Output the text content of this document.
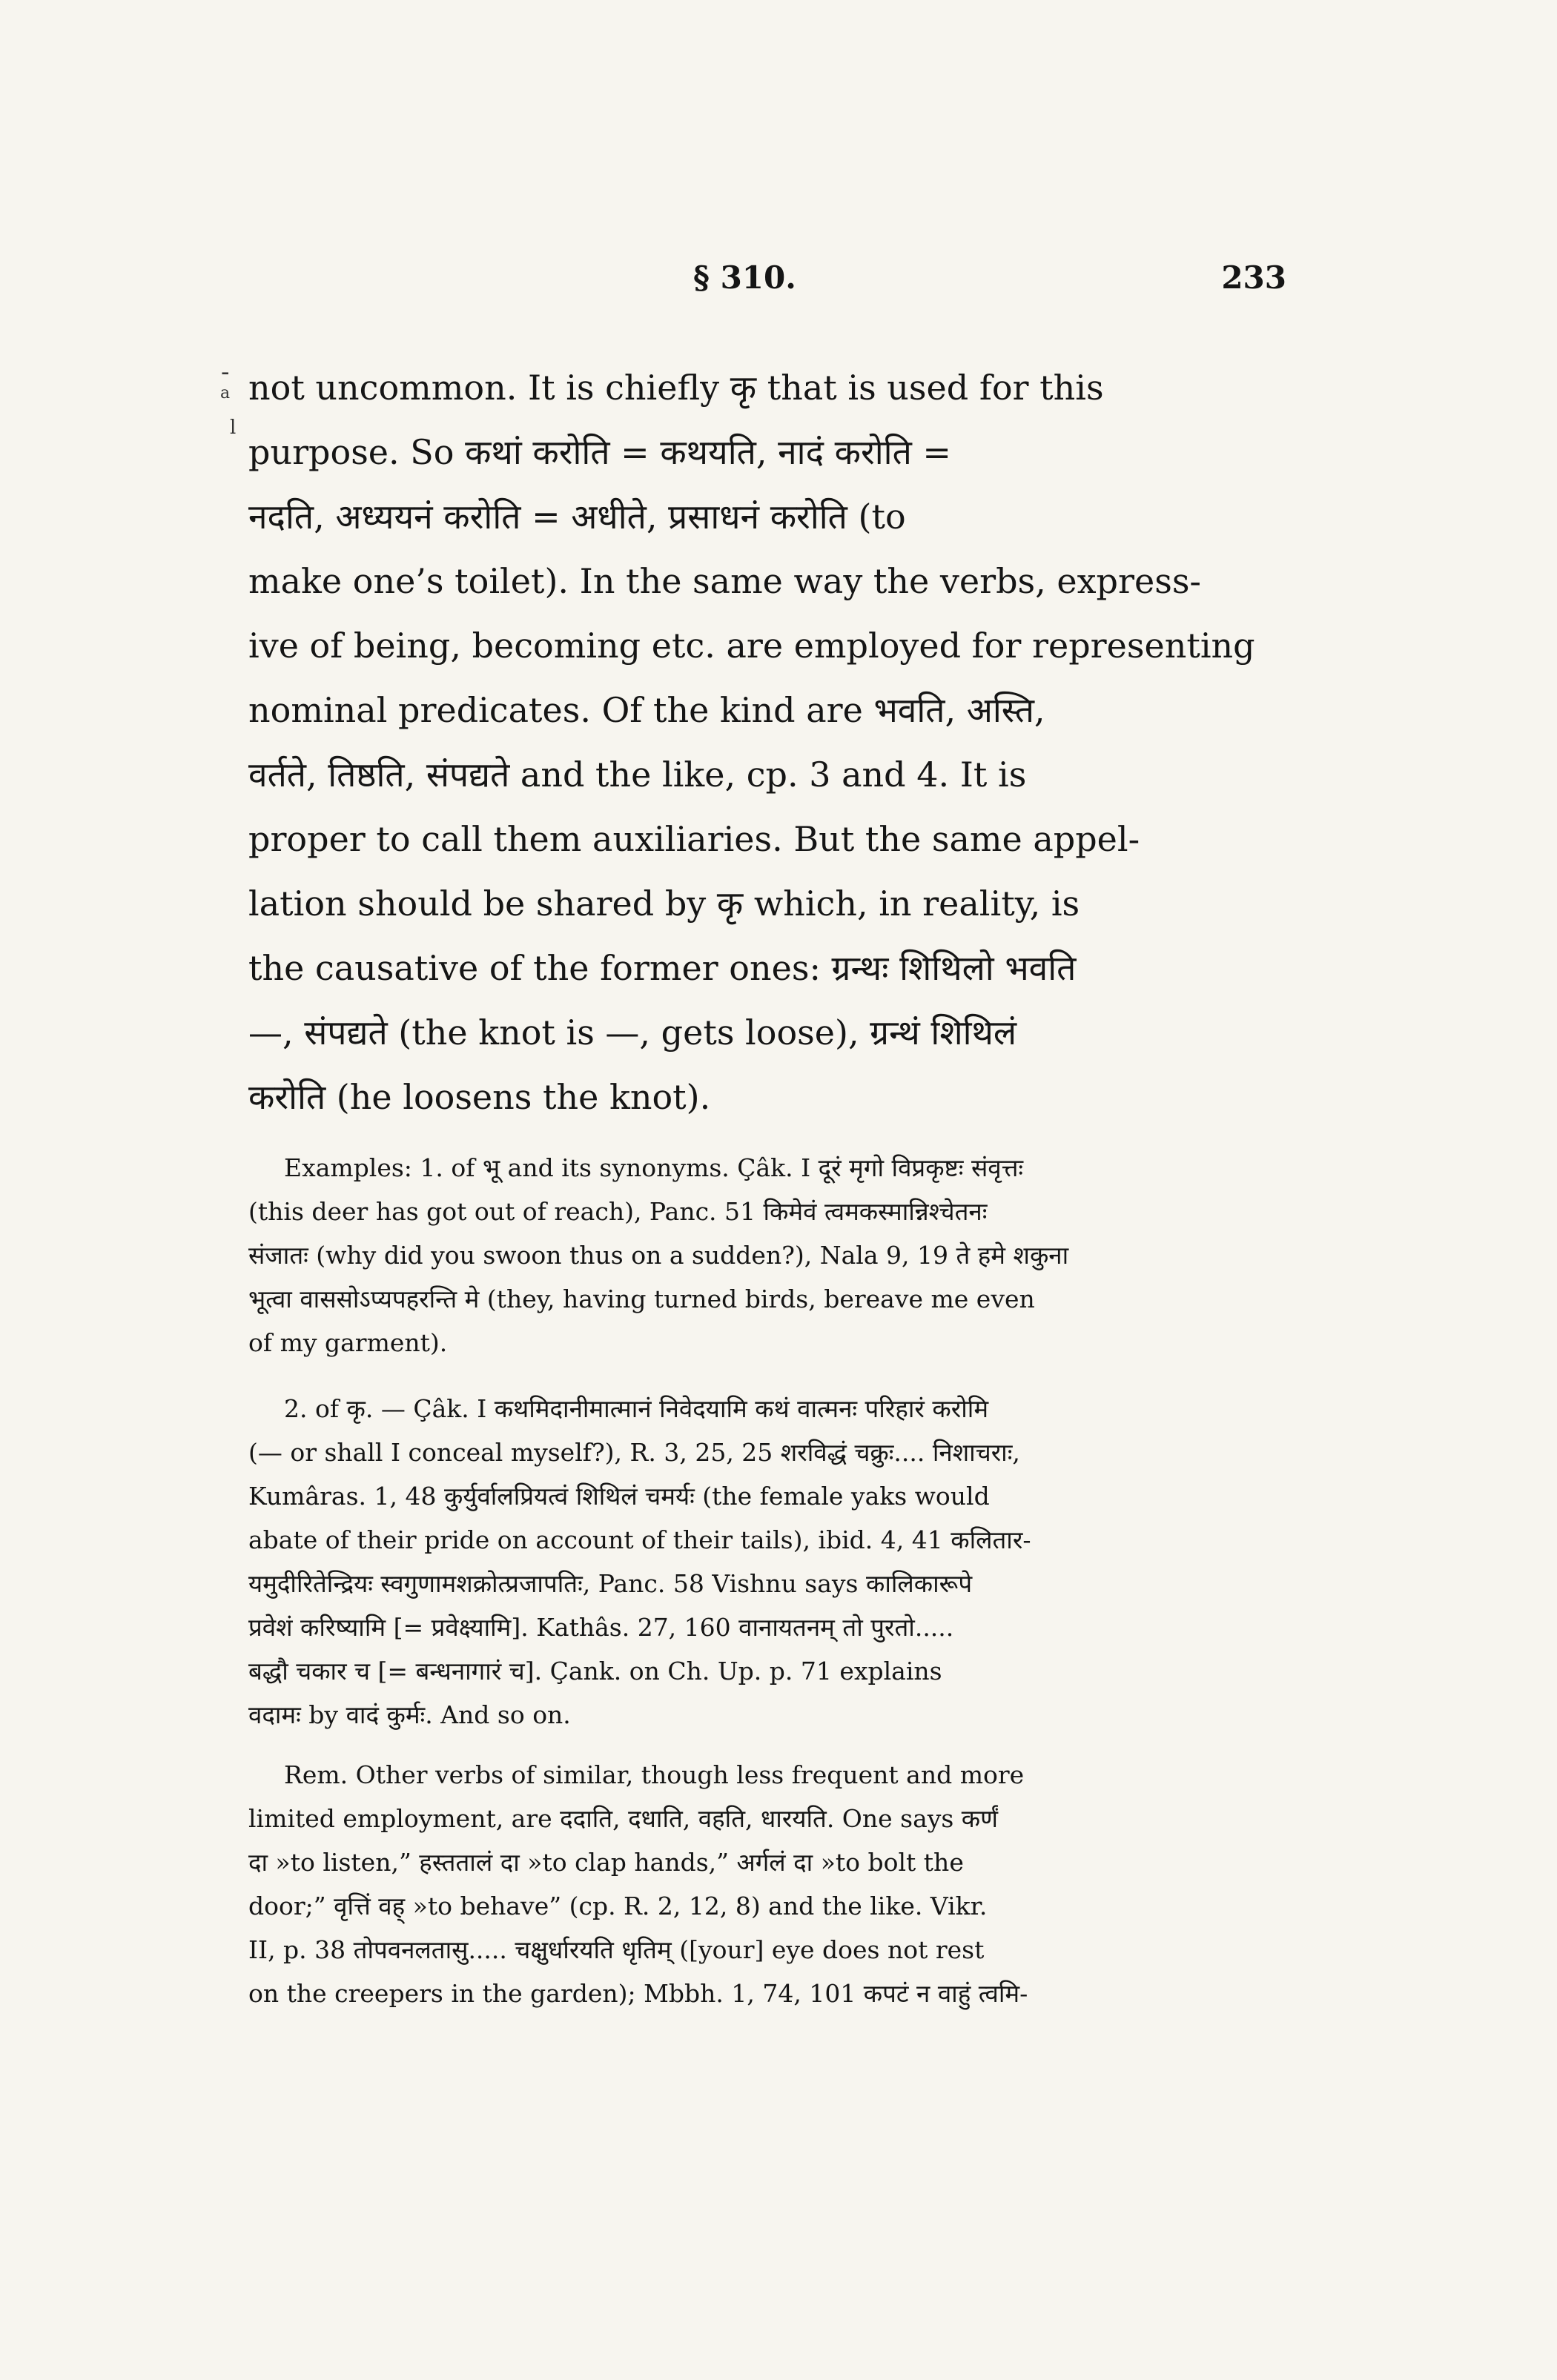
§ 310.	233
-
a
l
not uncommon. It is chiefly कृ that is used for this
purpose. So कथां करोति = कथयति, नादं करोति =
नदति, अध्ययनं करोति = अधीते, प्रसाधनं करोति (to
make one’s toilet). In the same way the verbs, express-
ive of being, becoming etc. are employed for representing
nominal predicates. Of the kind are भवति, अस्ति,
वर्तते, तिष्ठति, संपद्यते and the like, cp. 3 and 4. It is
proper to call them auxiliaries. But the same appel-
lation should be shared by कृ which, in reality, is
the causative of the former ones: ग्रन्थः शिथिलो भवति
—, संपद्यते (the knot is —, gets loose), ग्रन्थं शिथिलं
करोति (he loosens the knot).
Examples: 1. of भू and its synonyms. Çâk. I दूरं मृगो विप्रकृष्टः संवृत्तः
(this deer has got out of reach), Panc. 51 किमेवं त्वमकस्मान्निश्चेतनः
संजातः (why did you swoon thus on a sudden?), Nala 9, 19 ते हमे शकुना
भूत्वा वाससोऽप्यपहरन्ति मे (they, having turned birds, bereave me even
of my garment).
2. of कृ. — Çâk. I कथमिदानीमात्मानं निवेदयामि कथं वात्मनः परिहारं करोमि
(— or shall I conceal myself?), R. 3, 25, 25 शरविद्धं चक्रुः.... निशाचराः,
Kumâras. 1, 48 कुर्युर्वालप्रियत्वं शिथिलं चमर्यः (the female yaks would
abate of their pride on account of their tails), ibid. 4, 41 कलितार-
यमुदीरितेन्द्रियः स्वगुणामशक्रोत्प्रजापतिः, Panc. 58 Vishnu says कालिकारूपे
प्रवेशं करिष्यामि [= प्रवेक्ष्यामि]. Kathâs. 27, 160 वानायतनम् तो पुरतो.....
बद्धौ चकार च [= बन्धनागारं च]. Çank. on Ch. Up. p. 71 explains
वदामः by वादं कुर्मः. And so on.
Rem. Other verbs of similar, though less frequent and more
limited employment, are ददाति, दधाति, वहति, धारयति. One says कर्णं
दा »to listen,” हस्ततालं दा »to clap hands,” अर्गलं दा »to bolt the
door;” वृत्तिं वह् »to behave” (cp. R. 2, 12, 8) and the like. Vikr.
II, p. 38 तोपवनलतासु..... चक्षुर्धारयति धृतिम् ([your] eye does not rest
on the creepers in the garden); Mbbh. 1, 74, 101 कपटं न वाहुं त्वमि-
